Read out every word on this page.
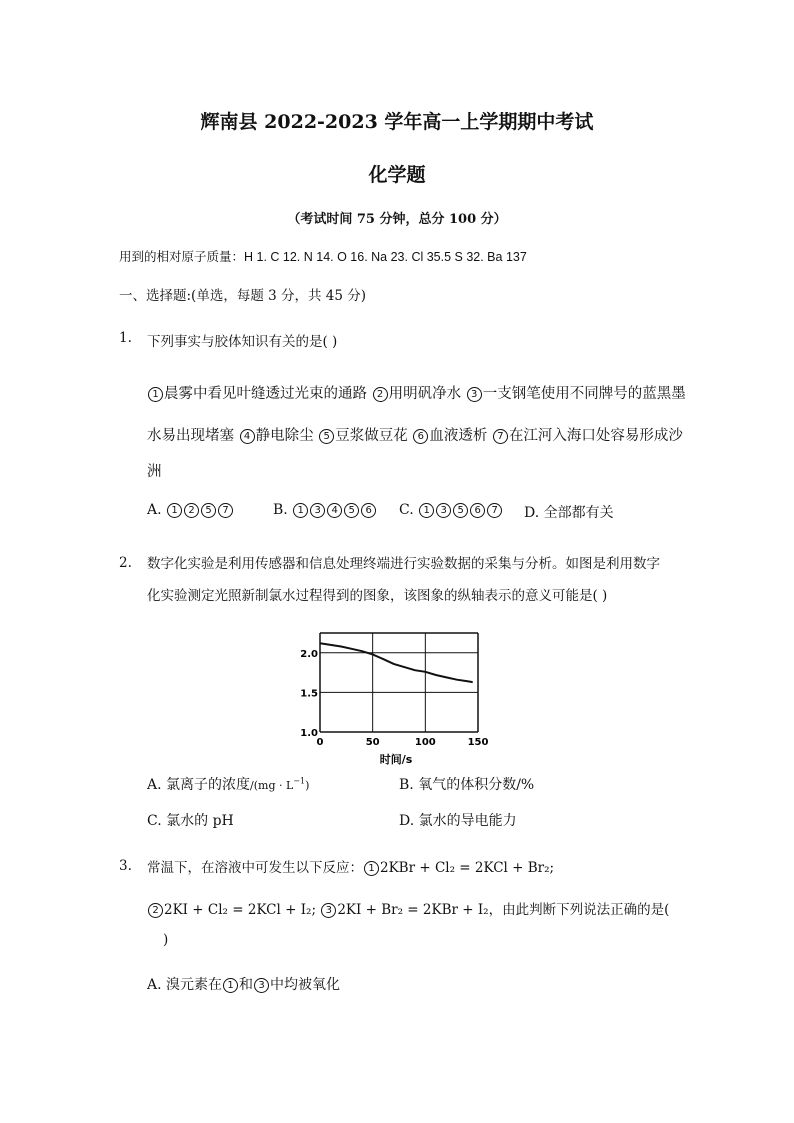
辉南县 2022-2023 学年高一上学期期中考试
化学题
（考试时间 75 分钟，总分 100 分）
用到的相对原子质量：H 1. C 12. N 14. O 16. Na 23. Cl 35.5 S 32. Ba 137
一、选择题:(单选，每题 3 分，共 45 分)
1. 下列事实与胶体知识有关的是( )
1 晨雾中看见叶缝透过光束的通路 2 用明矾净水 3 一支钢笔使用不同牌号的蓝黑墨
水易出现堵塞 4 静电除尘 5 豆浆做豆花 6 血液透析 7 在江河入海口处容易形成沙
洲
A. 1 2 5 7	B. 1 3 4 5 6	C. 1 3 5 6 7	D. 全部都有关
2. 数字化实验是利用传感器和信息处理终端进行实验数据的采集与分析。如图是利用数字
化实验测定光照新制氯水过程得到的图象，该图象的纵轴表示的意义可能是( )
1.0
1.5
2.0
0	50	100	150
时间/s
A. 氯离子的浓度$/(mg \cdot L^{-1})$	B. 氧气的体积分数/%
C. 氯水的 pH	D. 氯水的导电能力
3. 常温下，在溶液中可发生以下反应： 1 2KBr + Cl₂ = 2KCl + Br₂;
2 2KI + Cl₂ = 2KCl + I₂; 3 2KI + Br₂ = 2KBr + I₂，由此判断下列说法正确的是(
)
A. 溴元素在 1 和 3 中均被氧化
